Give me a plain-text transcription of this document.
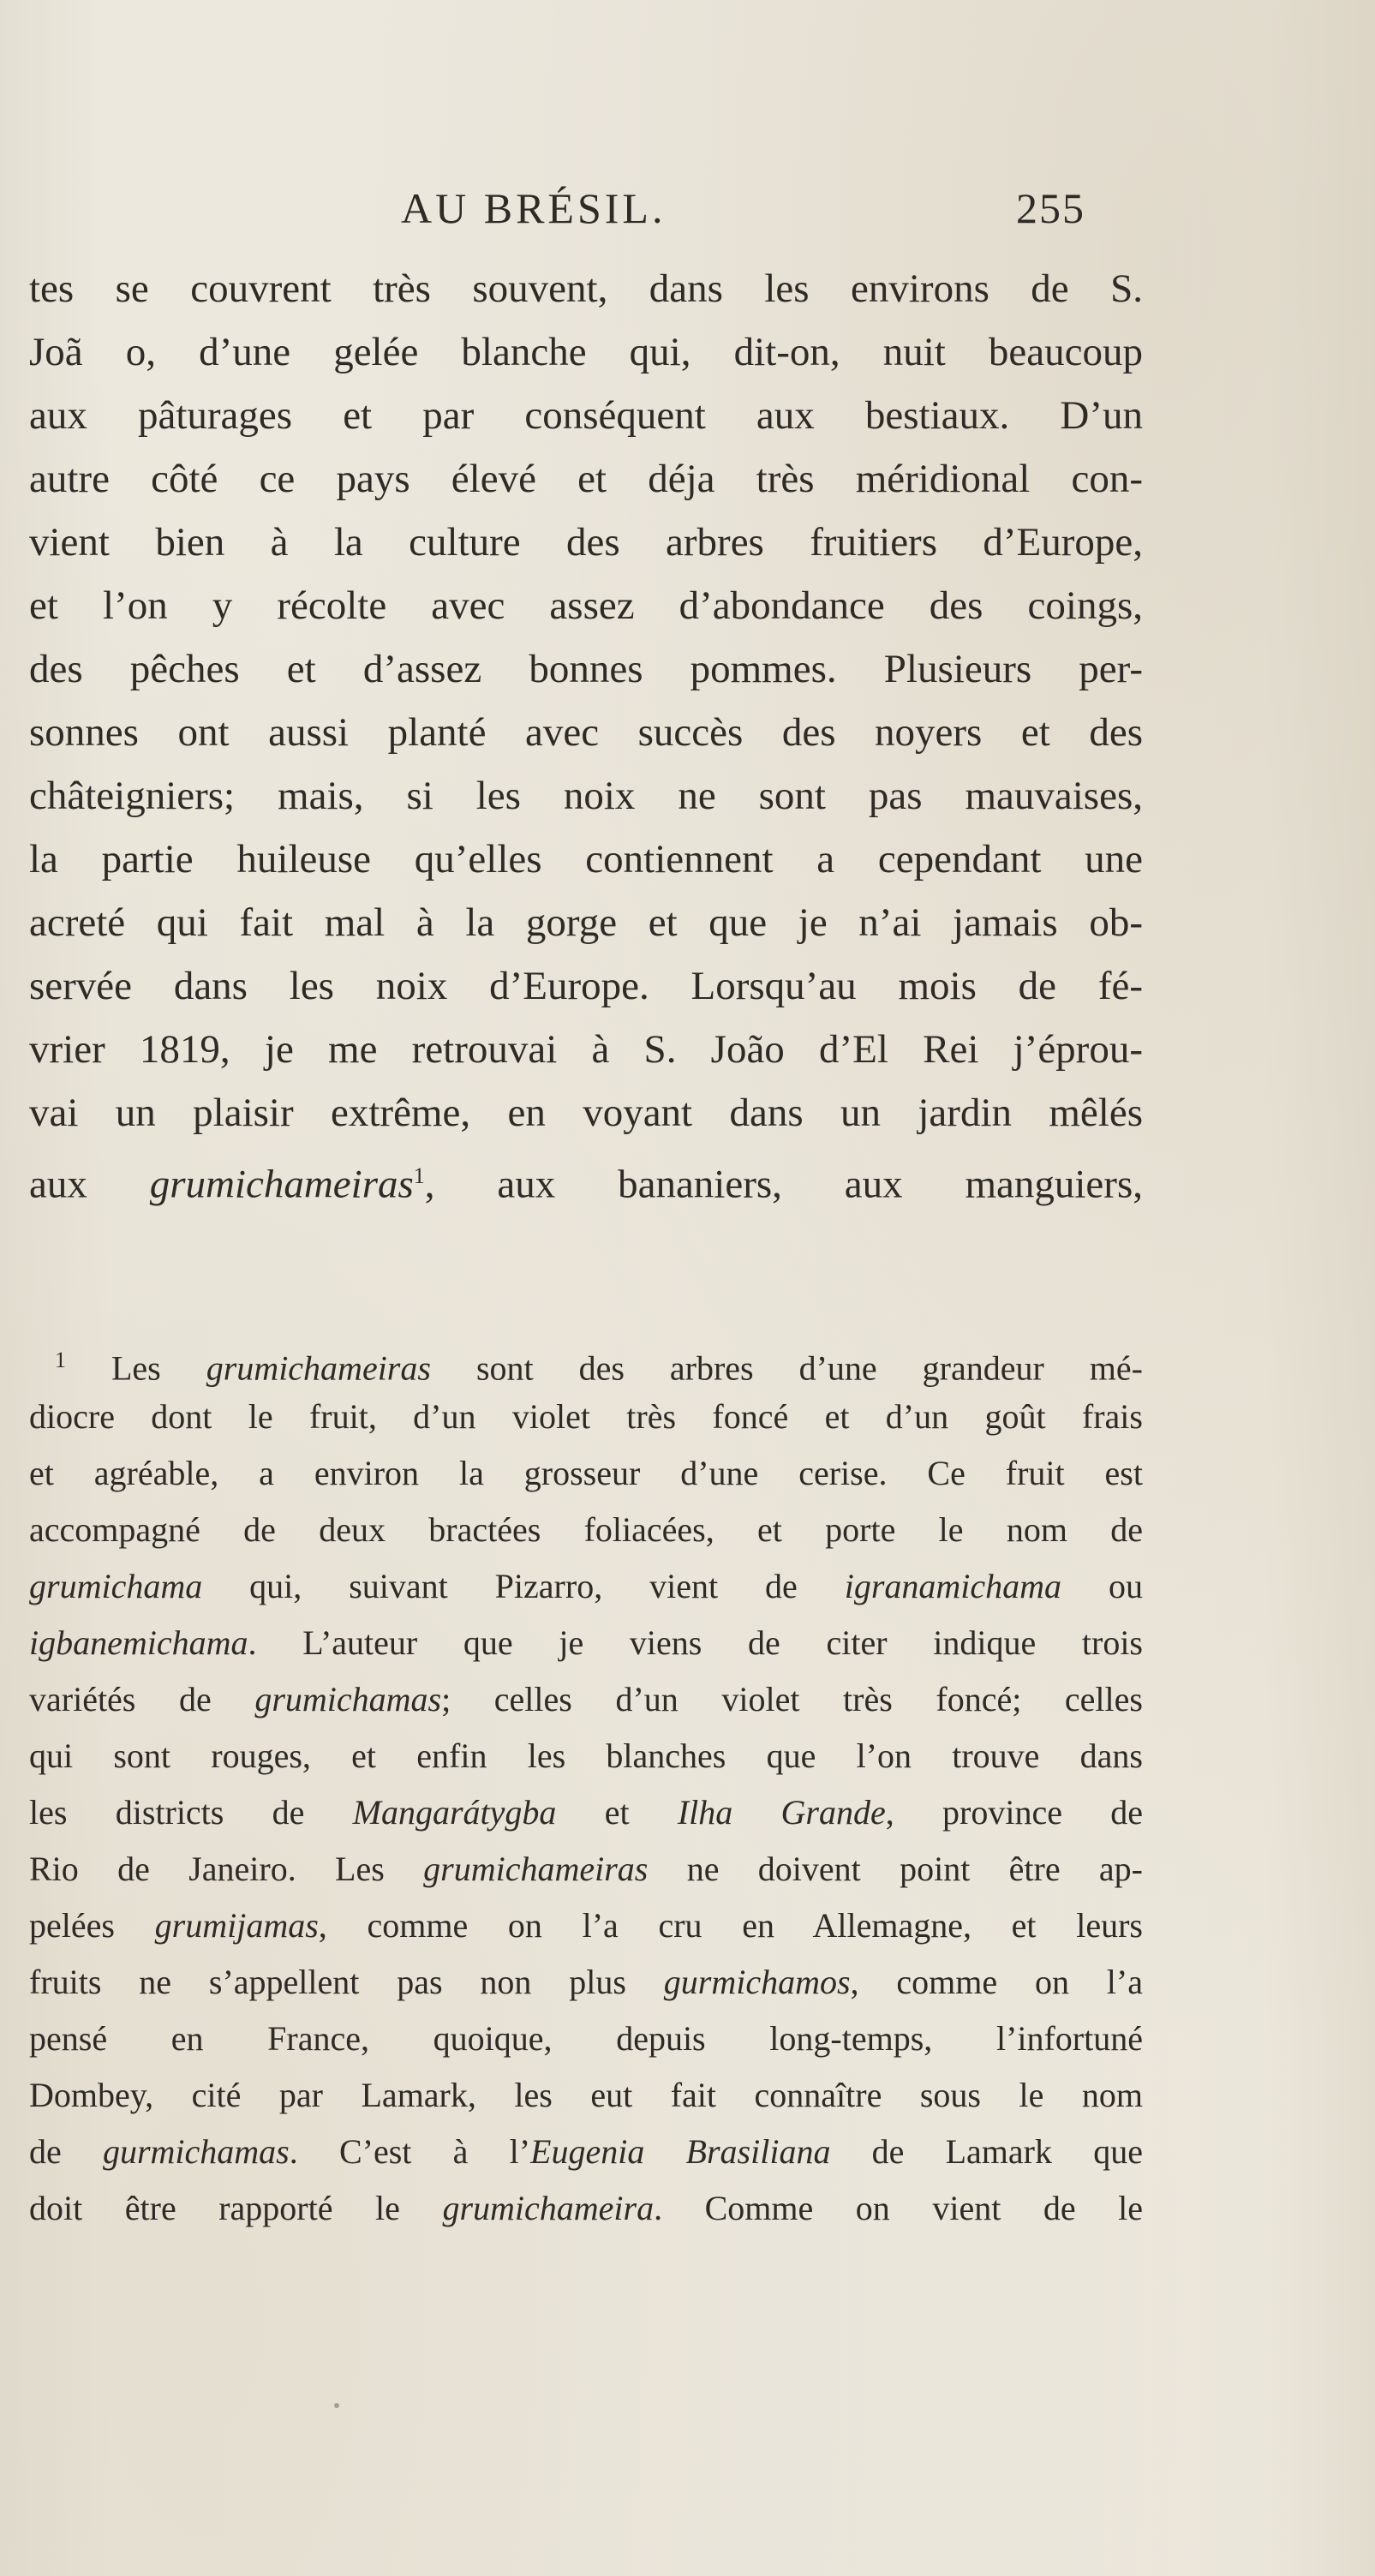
AU BRÉSIL.	255
tes se couvrent très souvent, dans les environs de S.
Joã o, d’une gelée blanche qui, dit-on, nuit beaucoup
aux pâturages et par conséquent aux bestiaux. D’un
autre côté ce pays élevé et déja très méridional con-
vient bien à la culture des arbres fruitiers d’Europe,
et l’on y récolte avec assez d’abondance des coings,
des pêches et d’assez bonnes pommes. Plusieurs per-
sonnes ont aussi planté avec succès des noyers et des
châteigniers; mais, si les noix ne sont pas mauvaises,
la partie huileuse qu’elles contiennent a cependant une
acreté qui fait mal à la gorge et que je n’ai jamais ob-
servée dans les noix d’Europe. Lorsqu’au mois de fé-
vrier 1819, je me retrouvai à S. João d’El Rei j’éprou-
vai un plaisir extrême, en voyant dans un jardin mêlés
aux grumichameiras$^1$, aux bananiers, aux manguiers,
$^1$ Les grumichameiras sont des arbres d’une grandeur mé-
diocre dont le fruit, d’un violet très foncé et d’un goût frais
et agréable, a environ la grosseur d’une cerise. Ce fruit est
accompagné de deux bractées foliacées, et porte le nom de
grumichama qui, suivant Pizarro, vient de igranamichama ou
igbanemichama. L’auteur que je viens de citer indique trois
variétés de grumichamas; celles d’un violet très foncé; celles
qui sont rouges, et enfin les blanches que l’on trouve dans
les districts de Mangarátygba et Ilha Grande, province de
Rio de Janeiro. Les grumichameiras ne doivent point être ap-
pelées grumijamas, comme on l’a cru en Allemagne, et leurs
fruits ne s’appellent pas non plus gurmichamos, comme on l’a
pensé en France, quoique, depuis long-temps, l’infortuné
Dombey, cité par Lamark, les eut fait connaître sous le nom
de gurmichamas. C’est à l’Eugenia Brasiliana de Lamark que
doit être rapporté le grumichameira. Comme on vient de le
